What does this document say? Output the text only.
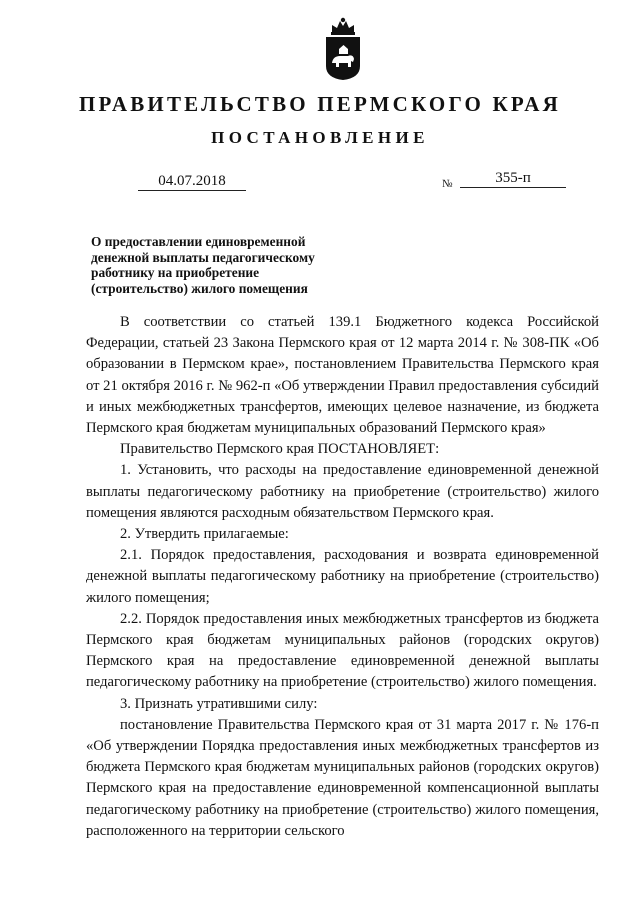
ПРАВИТЕЛЬСТВО ПЕРМСКОГО КРАЯ
ПОСТАНОВЛЕНИЕ
04.07.2018	№	355-п
О предоставлении единовременной
денежной выплаты педагогическому
работнику на приобретение
(строительство) жилого помещения

В соответствии со статьей 139.1 Бюджетного кодекса Российской Федерации, статьей 23 Закона Пермского края от 12 марта 2014 г. № 308-ПК «Об образовании в Пермском крае», постановлением Правительства Пермского края от 21 октября 2016 г. № 962-п «Об утверждении Правил предоставления субсидий и иных межбюджетных трансфертов, имеющих целевое назначение, из бюджета Пермского края бюджетам муниципальных образований Пермского края»

Правительство Пермского края ПОСТАНОВЛЯЕТ:

1. Установить, что расходы на предоставление единовременной денежной выплаты педагогическому работнику на приобретение (строительство) жилого помещения являются расходным обязательством Пермского края.

2. Утвердить прилагаемые:

2.1. Порядок предоставления, расходования и возврата единовременной денежной выплаты педагогическому работнику на приобретение (строительство) жилого помещения;

2.2. Порядок предоставления иных межбюджетных трансфертов из бюджета Пермского края бюджетам муниципальных районов (городских округов) Пермского края на предоставление единовременной денежной выплаты педагогическому работнику на приобретение (строительство) жилого помещения.

3. Признать утратившими силу:

постановление Правительства Пермского края от 31 марта 2017 г. № 176-п «Об утверждении Порядка предоставления иных межбюджетных трансфертов из бюджета Пермского края бюджетам муниципальных районов (городских округов) Пермского края на предоставление единовременной компенсационной выплаты педагогическому работнику на приобретение (строительство) жилого помещения, расположенного на территории сельского
